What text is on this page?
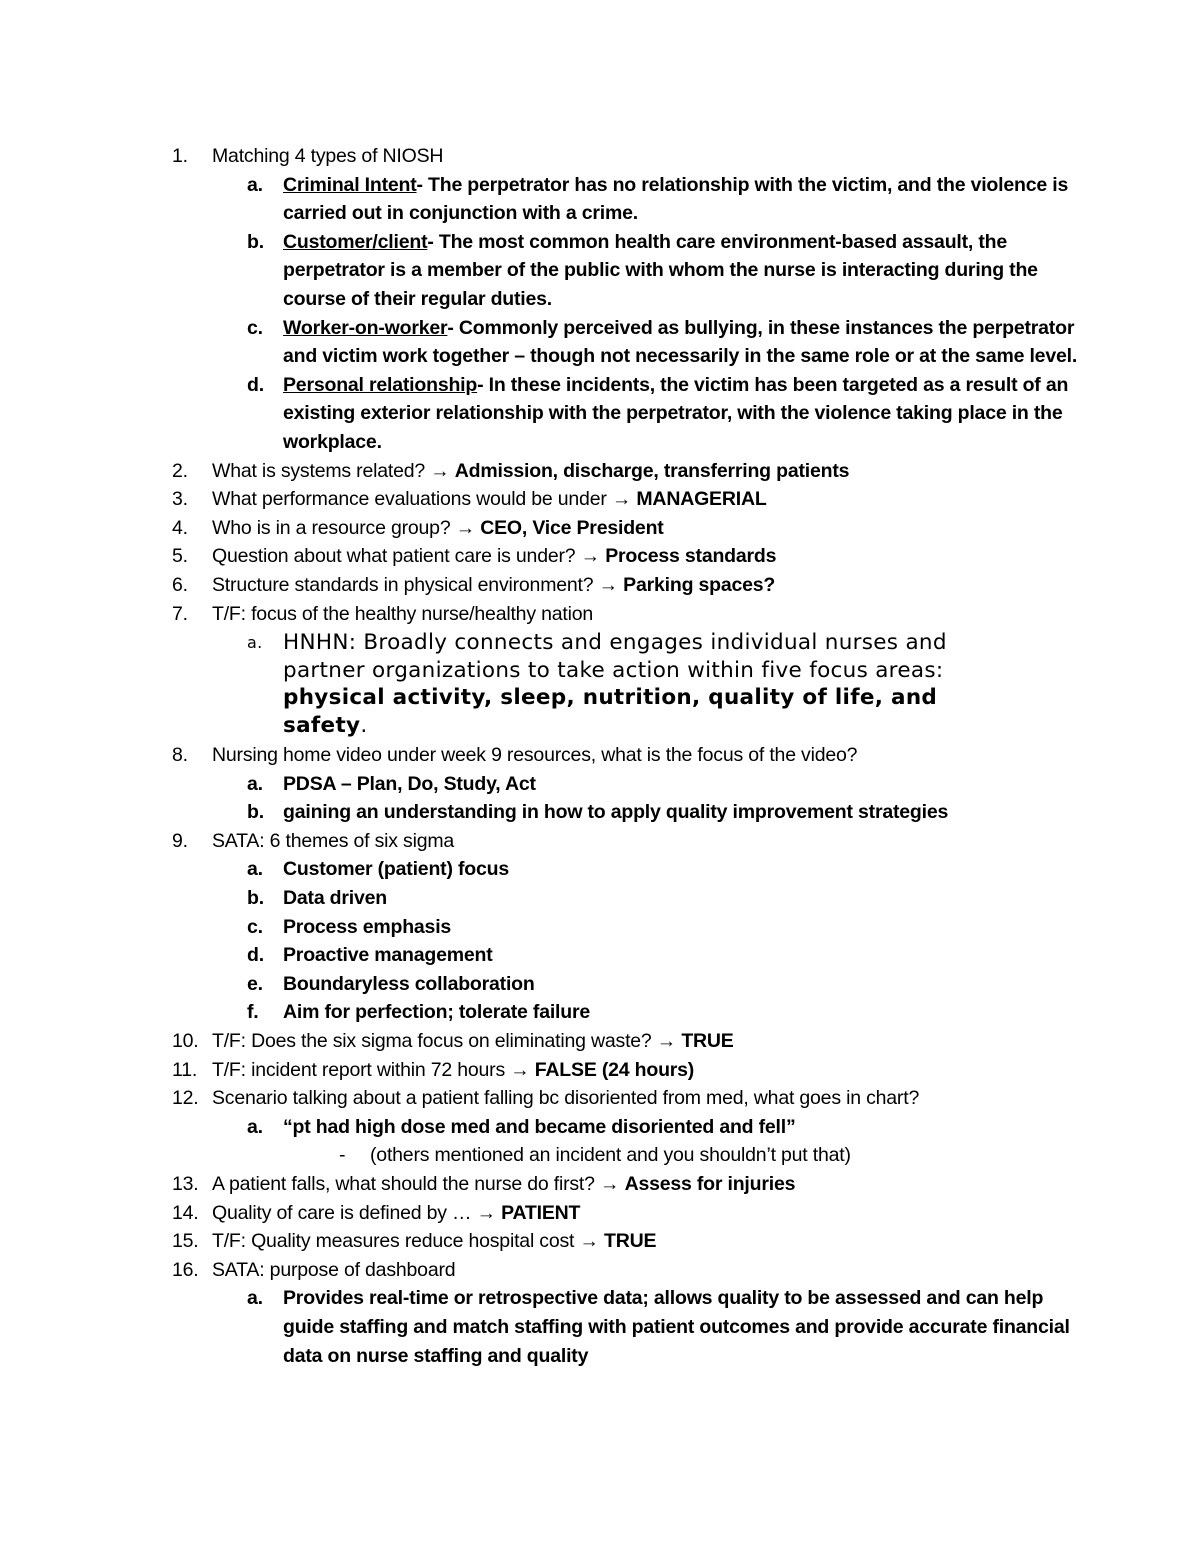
1. Matching 4 types of NIOSH
a. Criminal Intent- The perpetrator has no relationship with the victim, and the violence is carried out in conjunction with a crime.
b. Customer/client- The most common health care environment-based assault, the perpetrator is a member of the public with whom the nurse is interacting during the course of their regular duties.
c. Worker-on-worker- Commonly perceived as bullying, in these instances the perpetrator and victim work together – though not necessarily in the same role or at the same level.
d. Personal relationship- In these incidents, the victim has been targeted as a result of an existing exterior relationship with the perpetrator, with the violence taking place in the workplace.
2. What is systems related? → Admission, discharge, transferring patients
3. What performance evaluations would be under → MANAGERIAL
4. Who is in a resource group? → CEO, Vice President
5. Question about what patient care is under? → Process standards
6. Structure standards in physical environment? → Parking spaces?
7. T/F: focus of the healthy nurse/healthy nation
a. HNHN: Broadly connects and engages individual nurses and partner organizations to take action within five focus areas: physical activity, sleep, nutrition, quality of life, and safety.
8. Nursing home video under week 9 resources, what is the focus of the video?
a. PDSA – Plan, Do, Study, Act
b. gaining an understanding in how to apply quality improvement strategies
9. SATA: 6 themes of six sigma
a. Customer (patient) focus
b. Data driven
c. Process emphasis
d. Proactive management
e. Boundaryless collaboration
f. Aim for perfection; tolerate failure
10. T/F: Does the six sigma focus on eliminating waste? → TRUE
11. T/F: incident report within 72 hours → FALSE (24 hours)
12. Scenario talking about a patient falling bc disoriented from med, what goes in chart?
a. “pt had high dose med and became disoriented and fell”
- (others mentioned an incident and you shouldn’t put that)
13. A patient falls, what should the nurse do first? → Assess for injuries
14. Quality of care is defined by … → PATIENT
15. T/F: Quality measures reduce hospital cost → TRUE
16. SATA: purpose of dashboard
a. Provides real-time or retrospective data; allows quality to be assessed and can help guide staffing and match staffing with patient outcomes and provide accurate financial data on nurse staffing and quality
